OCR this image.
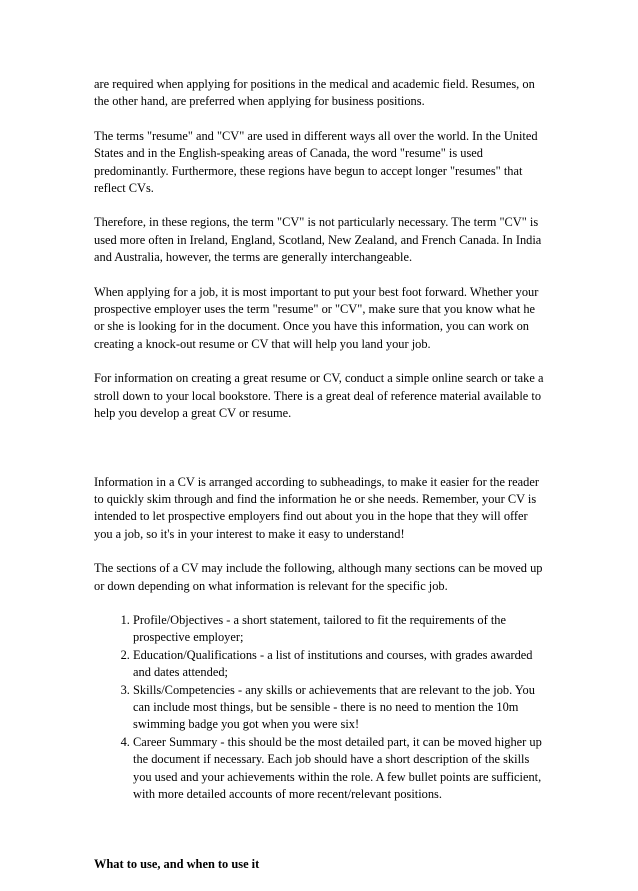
are required when applying for positions in the medical and academic field. Resumes, on the other hand, are preferred when applying for business positions.

The terms "resume" and "CV" are used in different ways all over the world. In the United States and in the English-speaking areas of Canada, the word "resume" is used predominantly. Furthermore, these regions have begun to accept longer "resumes" that reflect CVs.

Therefore, in these regions, the term "CV" is not particularly necessary. The term "CV" is used more often in Ireland, England, Scotland, New Zealand, and French Canada. In India and Australia, however, the terms are generally interchangeable.

When applying for a job, it is most important to put your best foot forward. Whether your prospective employer uses the term "resume" or "CV", make sure that you know what he or she is looking for in the document. Once you have this information, you can work on creating a knock-out resume or CV that will help you land your job.

For information on creating a great resume or CV, conduct a simple online search or take a stroll down to your local bookstore. There is a great deal of reference material available to help you develop a great CV or resume.

Information in a CV is arranged according to subheadings, to make it easier for the reader to quickly skim through and find the information he or she needs. Remember, your CV is intended to let prospective employers find out about you in the hope that they will offer you a job, so it's in your interest to make it easy to understand!

The sections of a CV may include the following, although many sections can be moved up or down depending on what information is relevant for the specific job.

1. Profile/Objectives - a short statement, tailored to fit the requirements of the prospective employer;
2. Education/Qualifications - a list of institutions and courses, with grades awarded and dates attended;
3. Skills/Competencies - any skills or achievements that are relevant to the job. You can include most things, but be sensible - there is no need to mention the 10m swimming badge you got when you were six!
4. Career Summary - this should be the most detailed part, it can be moved higher up the document if necessary. Each job should have a short description of the skills you used and your achievements within the role. A few bullet points are sufficient, with more detailed accounts of more recent/relevant positions.

What to use, and when to use it
